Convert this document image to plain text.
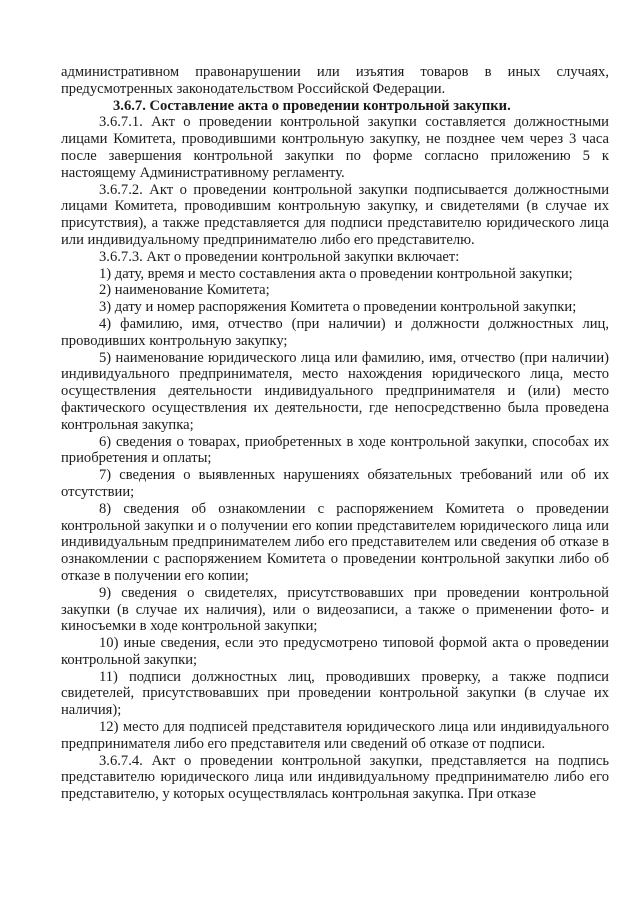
административном правонарушении или изъятия товаров в иных случаях, предусмотренных законодательством Российской Федерации.

3.6.7. Составление акта о проведении контрольной закупки.

3.6.7.1. Акт о проведении контрольной закупки составляется должностными лицами Комитета, проводившими контрольную закупку, не позднее чем через 3 часа после завершения контрольной закупки по форме согласно приложению 5 к настоящему Административному регламенту.

3.6.7.2. Акт о проведении контрольной закупки подписывается должностными лицами Комитета, проводившим контрольную закупку, и свидетелями (в случае их присутствия), а также представляется для подписи представителю юридического лица или индивидуальному предпринимателю либо его представителю.

3.6.7.3. Акт о проведении контрольной закупки включает:

1) дату, время и место составления акта о проведении контрольной закупки;

2) наименование Комитета;

3) дату и номер распоряжения Комитета о проведении контрольной закупки;

4) фамилию, имя, отчество (при наличии) и должности должностных лиц, проводивших контрольную закупку;

5) наименование юридического лица или фамилию, имя, отчество (при наличии) индивидуального предпринимателя, место нахождения юридического лица, место осуществления деятельности индивидуального предпринимателя и (или) место фактического осуществления их деятельности, где непосредственно была проведена контрольная закупка;

6) сведения о товарах, приобретенных в ходе контрольной закупки, способах их приобретения и оплаты;

7) сведения о выявленных нарушениях обязательных требований или об их отсутствии;

8) сведения об ознакомлении с распоряжением Комитета о проведении контрольной закупки и о получении его копии представителем юридического лица или индивидуальным предпринимателем либо его представителем или сведения об отказе в ознакомлении с распоряжением Комитета о проведении контрольной закупки либо об отказе в получении его копии;

9) сведения о свидетелях, присутствовавших при проведении контрольной закупки (в случае их наличия), или о видеозаписи, а также о применении фото- и киносъемки в ходе контрольной закупки;

10) иные сведения, если это предусмотрено типовой формой акта о проведении контрольной закупки;

11) подписи должностных лиц, проводивших проверку, а также подписи свидетелей, присутствовавших при проведении контрольной закупки (в случае их наличия);

12) место для подписей представителя юридического лица или индивидуального предпринимателя либо его представителя или сведений об отказе от подписи.

3.6.7.4. Акт о проведении контрольной закупки, представляется на подпись представителю юридического лица или индивидуальному предпринимателю либо его представителю, у которых осуществлялась контрольная закупка. При отказе
